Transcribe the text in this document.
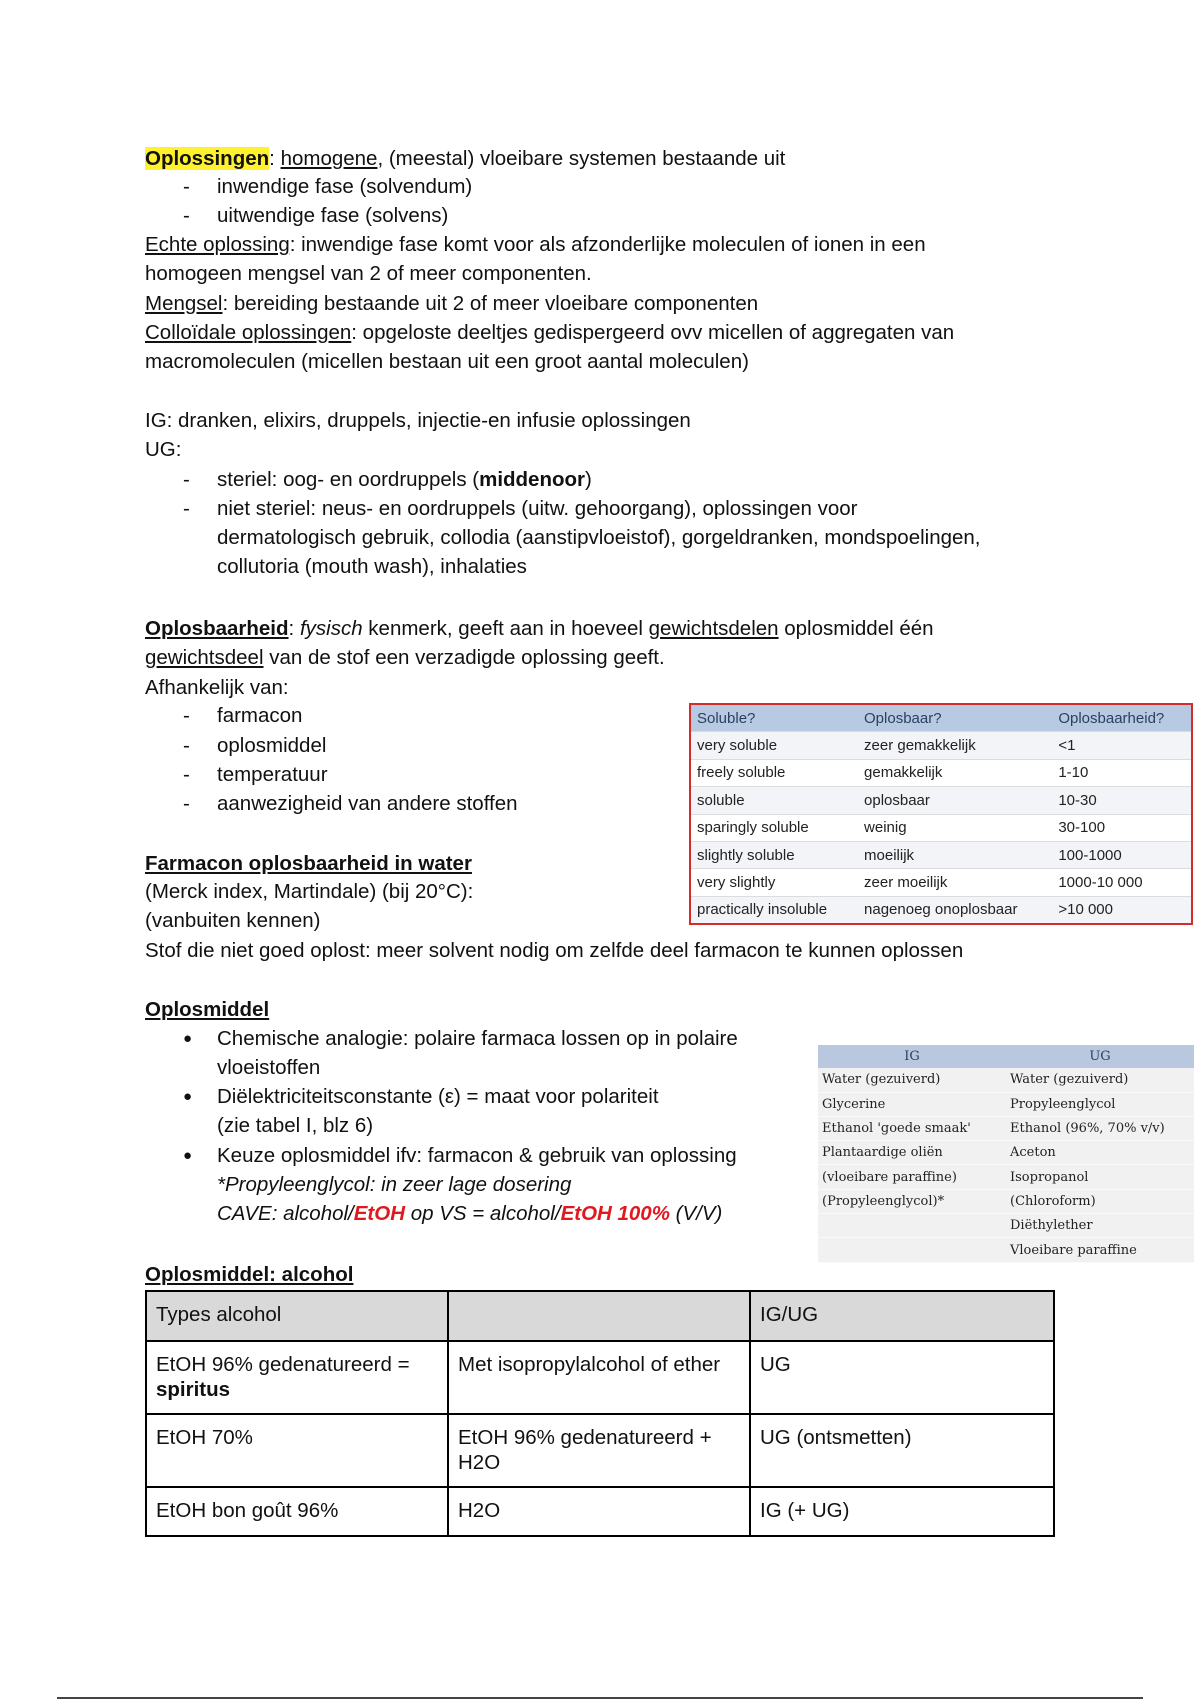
Oplossingen: homogene, (meestal) vloeibare systemen bestaande uit
- inwendige fase (solvendum)
- uitwendige fase (solvens)
Echte oplossing: inwendige fase komt voor als afzonderlijke moleculen of ionen in een
homogeen mengsel van 2 of meer componenten.
Mengsel: bereiding bestaande uit 2 of meer vloeibare componenten
Colloïdale oplossingen: opgeloste deeltjes gedispergeerd ovv micellen of aggregaten van
macromoleculen (micellen bestaan uit een groot aantal moleculen)
IG: dranken, elixirs, druppels, injectie-en infusie oplossingen
UG:
- steriel: oog- en oordruppels (middenoor)
- niet steriel: neus- en oordruppels (uitw. gehoorgang), oplossingen voor
dermatologisch gebruik, collodia (aanstipvloeistof), gorgeldranken, mondspoelingen,
collutoria (mouth wash), inhalaties
Oplosbaarheid: fysisch kenmerk, geeft aan in hoeveel gewichtsdelen oplosmiddel één
gewichtsdeel van de stof een verzadigde oplossing geeft.
Afhankelijk van:
- farmacon
- oplosmiddel
- temperatuur
- aanwezigheid van andere stoffen
Farmacon oplosbaarheid in water
(Merck index, Martindale) (bij 20°C):
(vanbuiten kennen)
Stof die niet goed oplost: meer solvent nodig om zelfde deel farmacon te kunnen oplossen
Soluble?	Oplosbaar?	Oplosbaarheid?
very soluble	zeer gemakkelijk	<1
freely soluble	gemakkelijk	1-10
soluble	oplosbaar	10-30
sparingly soluble	weinig	30-100
slightly soluble	moeilijk	100-1000
very slightly	zeer moeilijk	1000-10 000
practically insoluble	nagenoeg onoplosbaar	>10 000
Oplosmiddel
● Chemische analogie: polaire farmaca lossen op in polaire
vloeistoffen
● Diëlektriciteitsconstante (ε) = maat voor polariteit
(zie tabel I, blz 6)
● Keuze oplosmiddel ifv: farmacon & gebruik van oplossing
*Propyleenglycol: in zeer lage dosering
CAVE: alcohol/EtOH op VS = alcohol/EtOH 100% (V/V)
IG	UG
Water (gezuiverd)	Water (gezuiverd)
Glycerine	Propyleenglycol
Ethanol 'goede smaak'	Ethanol (96%, 70% v/v)
Plantaardige oliën	Aceton
(vloeibare paraffine)	Isopropanol
(Propyleenglycol)*	(Chloroform)
	Diëthylether
	Vloeibare paraffine
Oplosmiddel: alcohol
Types alcohol		IG/UG
EtOH 96% gedenatureerd =
spiritus	Met isopropylalcohol of ether	UG
EtOH 70%	EtOH 96% gedenatureerd + H2O	UG (ontsmetten)
EtOH bon goût 96%	H2O	IG (+ UG)
